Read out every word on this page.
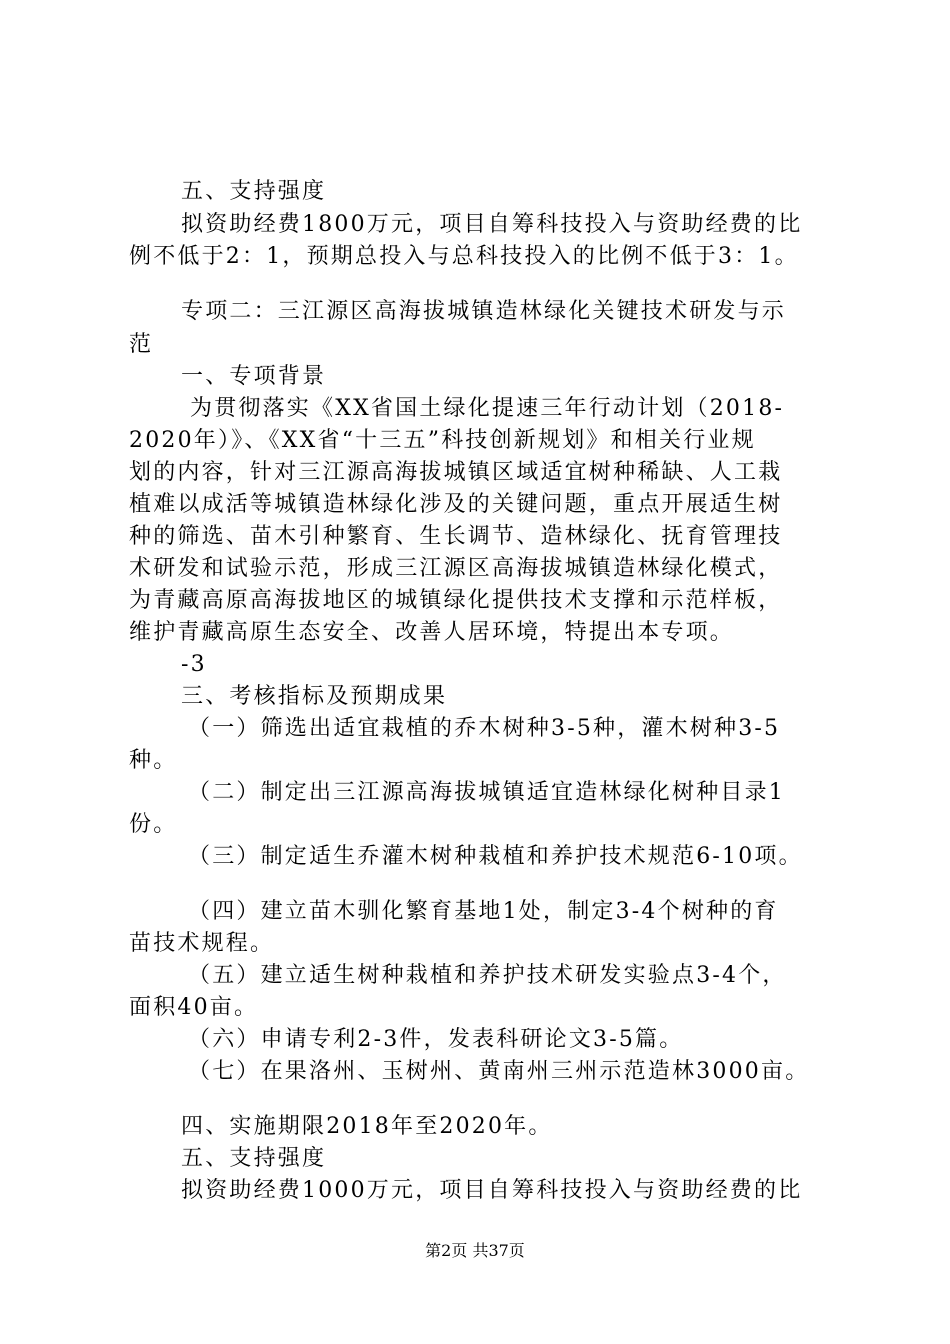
五、支持强度
拟资助经费1800万元，项目自筹科技投入与资助经费的比
例不低于2：1，预期总投入与总科技投入的比例不低于3：1。
专项二：三江源区高海拔城镇造林绿化关键技术研发与示
范
一、专项背景
为贯彻落实《XX省国土绿化提速三年行动计划（2018-
2020年）》、《XX省“十三五”科技创新规划》和相关行业规
划的内容，针对三江源高海拔城镇区域适宜树种稀缺、人工栽
植难以成活等城镇造林绿化涉及的关键问题，重点开展适生树
种的筛选、苗木引种繁育、生长调节、造林绿化、抚育管理技
术研发和试验示范，形成三江源区高海拔城镇造林绿化模式，
为青藏高原高海拔地区的城镇绿化提供技术支撑和示范样板，
维护青藏高原生态安全、改善人居环境，特提出本专项。
-3
三、考核指标及预期成果
（一）筛选出适宜栽植的乔木树种3-5种，灌木树种3-5
种。
（二）制定出三江源高海拔城镇适宜造林绿化树种目录1
份。
（三）制定适生乔灌木树种栽植和养护技术规范6-10项。
（四）建立苗木驯化繁育基地1处，制定3-4个树种的育
苗技术规程。
（五）建立适生树种栽植和养护技术研发实验点3-4个，
面积40亩。
（六）申请专利2-3件，发表科研论文3-5篇。
（七）在果洛州、玉树州、黄南州三州示范造林3000亩。
四、实施期限2018年至2020年。
五、支持强度
拟资助经费1000万元，项目自筹科技投入与资助经费的比
第2页 共37页
